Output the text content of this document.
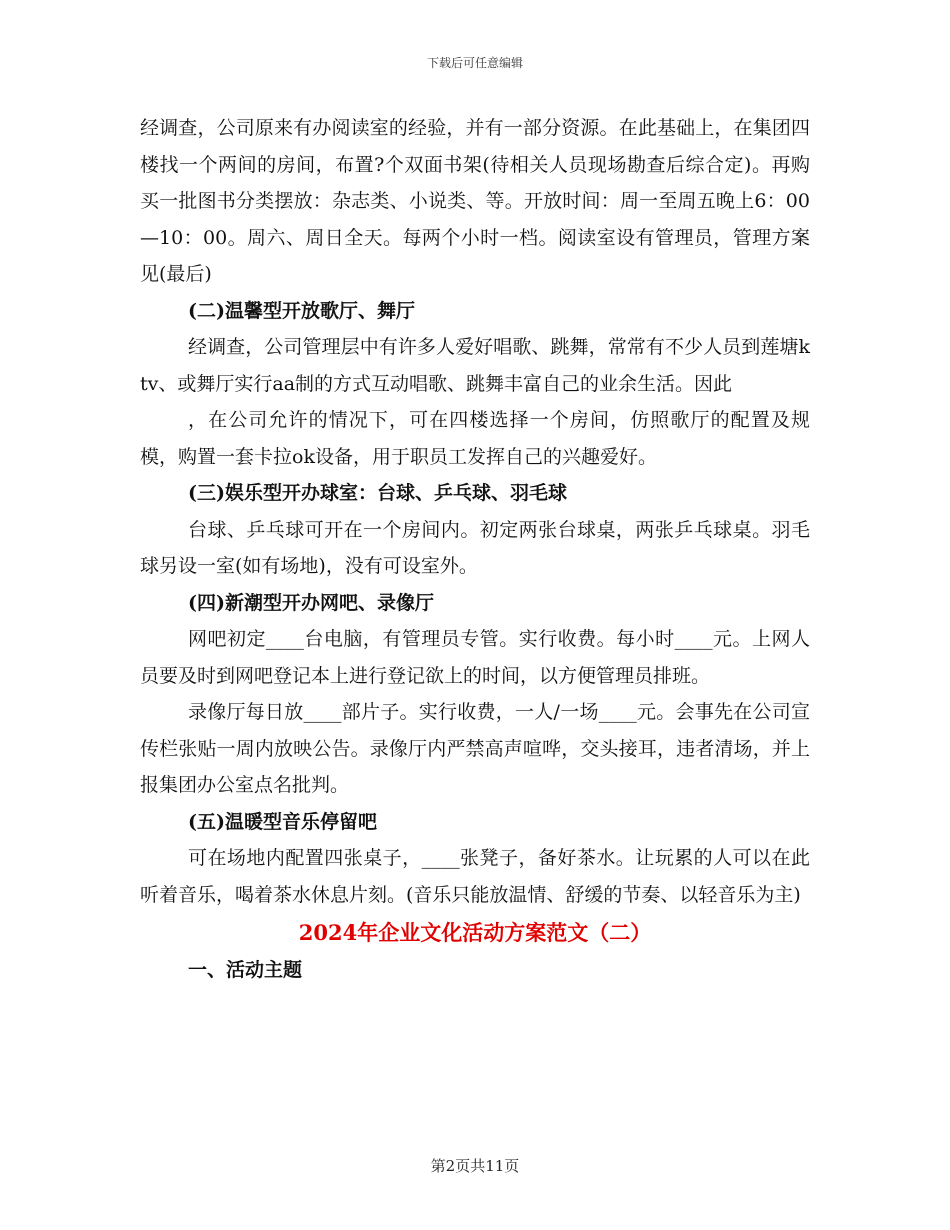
下载后可任意编辑

经调查，公司原来有办阅读室的经验，并有一部分资源。在此基础上，在集团四楼找一个两间的房间，布置?个双面书架(待相关人员现场勘查后综合定)。再购买一批图书分类摆放：杂志类、小说类、等。开放时间：周一至周五晚上6：00—10：00。周六、周日全天。每两个小时一档。阅读室设有管理员，管理方案见(最后)

(二)温馨型开放歌厅、舞厅

经调查，公司管理层中有许多人爱好唱歌、跳舞，常常有不少人员到莲塘ktv、或舞厅实行aa制的方式互动唱歌、跳舞丰富自己的业余生活。因此

，在公司允许的情况下，可在四楼选择一个房间，仿照歌厅的配置及规模，购置一套卡拉ok设备，用于职员工发挥自己的兴趣爱好。

(三)娱乐型开办球室：台球、乒乓球、羽毛球

台球、乒乓球可开在一个房间内。初定两张台球桌，两张乒乓球桌。羽毛球另设一室(如有场地)，没有可设室外。

(四)新潮型开办网吧、录像厅

网吧初定____台电脑，有管理员专管。实行收费。每小时____元。上网人员要及时到网吧登记本上进行登记欲上的时间，以方便管理员排班。

录像厅每日放____部片子。实行收费，一人/一场____元。会事先在公司宣传栏张贴一周内放映公告。录像厅内严禁高声喧哗，交头接耳，违者清场，并上报集团办公室点名批判。

(五)温暖型音乐停留吧

可在场地内配置四张桌子，____张凳子，备好茶水。让玩累的人可以在此听着音乐，喝着茶水休息片刻。(音乐只能放温情、舒缓的节奏、以轻音乐为主)

2024年企业文化活动方案范文（二）

一、活动主题

第2页共11页
